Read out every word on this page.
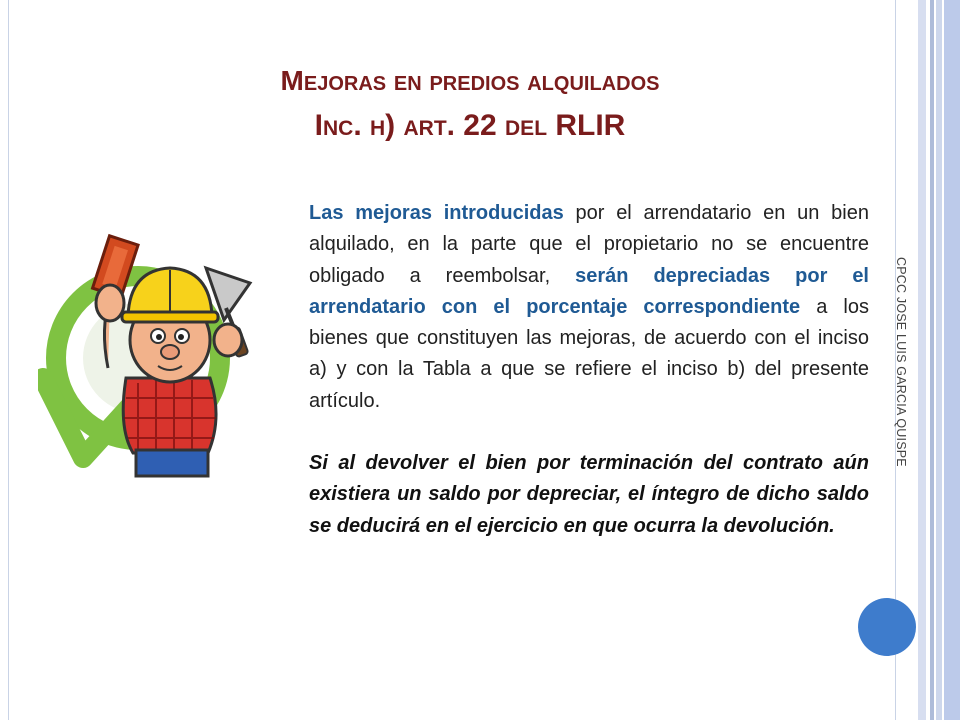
Mejoras en predios alquilados
Inc. h) art. 22 del RLIR

Las mejoras introducidas por el arrendatario en un bien alquilado, en la parte que el propietario no se encuentre obligado a reembolsar, serán depreciadas por el arrendatario con el porcentaje correspondiente a los bienes que constituyen las mejoras, de acuerdo con el inciso a) y con la Tabla a que se refiere el inciso b) del presente artículo.

Si al devolver el bien por terminación del contrato aún existiera un saldo por depreciar, el íntegro de dicho saldo se deducirá en el ejercicio en que ocurra la devolución.

CPCC JOSE LUIS GARCIA QUISPE
